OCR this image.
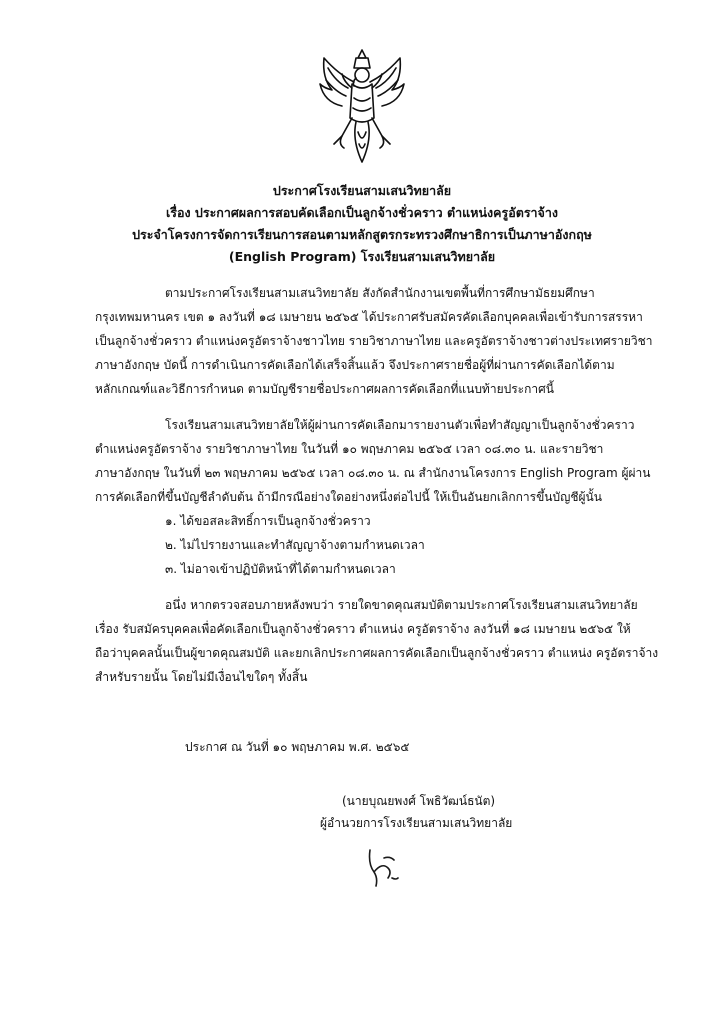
ประกาศโรงเรียนสามเสนวิทยาลัย
เรื่อง ประกาศผลการสอบคัดเลือกเป็นลูกจ้างชั่วคราว ตำแหน่งครูอัตราจ้าง
ประจำโครงการจัดการเรียนการสอนตามหลักสูตรกระทรวงศึกษาธิการเป็นภาษาอังกฤษ
(English Program) โรงเรียนสามเสนวิทยาลัย
ตามประกาศโรงเรียนสามเสนวิทยาลัย สังกัดสำนักงานเขตพื้นที่การศึกษามัธยมศึกษา
กรุงเทพมหานคร เขต ๑ ลงวันที่ ๑๘ เมษายน ๒๕๖๕ ได้ประกาศรับสมัครคัดเลือกบุคคลเพื่อเข้ารับการสรรหา
เป็นลูกจ้างชั่วคราว ตำแหน่งครูอัตราจ้างชาวไทย รายวิชาภาษาไทย และครูอัตราจ้างชาวต่างประเทศรายวิชา
ภาษาอังกฤษ บัดนี้ การดำเนินการคัดเลือกได้เสร็จสิ้นแล้ว จึงประกาศรายชื่อผู้ที่ผ่านการคัดเลือกได้ตาม
หลักเกณฑ์และวิธีการกำหนด ตามบัญชีรายชื่อประกาศผลการคัดเลือกที่แนบท้ายประกาศนี้
โรงเรียนสามเสนวิทยาลัยให้ผู้ผ่านการคัดเลือกมารายงานตัวเพื่อทำสัญญาเป็นลูกจ้างชั่วคราว
ตำแหน่งครูอัตราจ้าง รายวิชาภาษาไทย ในวันที่ ๑๐ พฤษภาคม ๒๕๖๕ เวลา ๐๘.๓๐ น. และรายวิชา
ภาษาอังกฤษ ในวันที่ ๒๓ พฤษภาคม ๒๕๖๕ เวลา ๐๘.๓๐ น. ณ สำนักงานโครงการ English Program ผู้ผ่าน
การคัดเลือกที่ขึ้นบัญชีลำดับต้น ถ้ามีกรณีอย่างใดอย่างหนึ่งต่อไปนี้ ให้เป็นอันยกเลิกการขึ้นบัญชีผู้นั้น
๑. ได้ขอสละสิทธิ์การเป็นลูกจ้างชั่วคราว
๒. ไม่ไปรายงานและทำสัญญาจ้างตามกำหนดเวลา
๓. ไม่อาจเข้าปฏิบัติหน้าที่ได้ตามกำหนดเวลา
อนึ่ง หากตรวจสอบภายหลังพบว่า รายใดขาดคุณสมบัติตามประกาศโรงเรียนสามเสนวิทยาลัย
เรื่อง รับสมัครบุคคลเพื่อคัดเลือกเป็นลูกจ้างชั่วคราว ตำแหน่ง ครูอัตราจ้าง ลงวันที่ ๑๘ เมษายน ๒๕๖๕ ให้
ถือว่าบุคคลนั้นเป็นผู้ขาดคุณสมบัติ และยกเลิกประกาศผลการคัดเลือกเป็นลูกจ้างชั่วคราว ตำแหน่ง ครูอัตราจ้าง
สำหรับรายนั้น โดยไม่มีเงื่อนไขใดๆ ทั้งสิ้น
ประกาศ ณ วันที่ ๑๐ พฤษภาคม พ.ศ. ๒๕๖๕
(นายบุณยพงศ์ โพธิวัฒน์ธนัต)
ผู้อำนวยการโรงเรียนสามเสนวิทยาลัย
